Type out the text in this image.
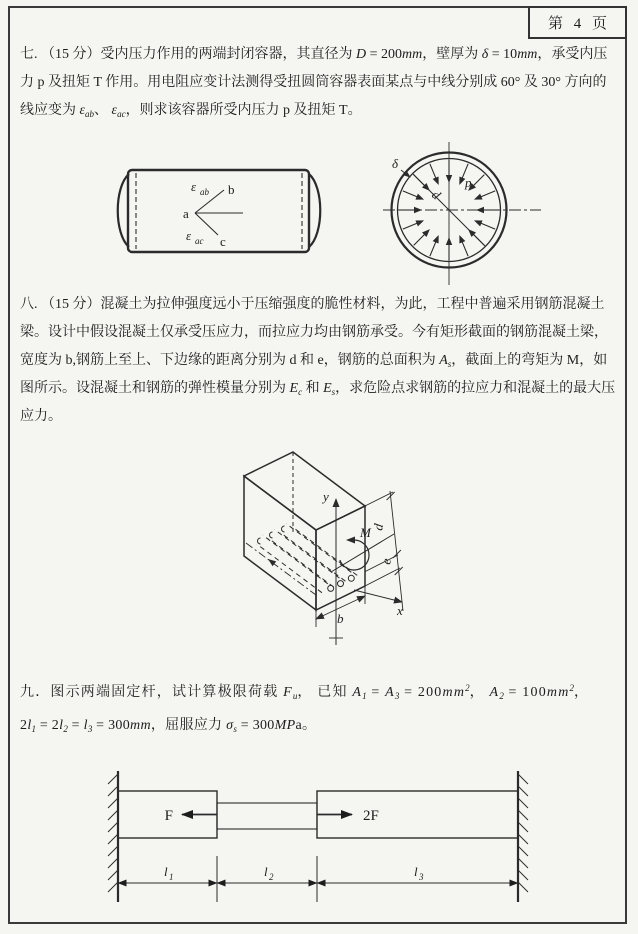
第 4 页
七. （15 分）受内压力作用的两端封闭容器，其直径为 D = 200mm，壁厚为 δ = 10mm，承受内压
力 p 及扭矩 T 作用。用电阻应变计法测得受扭圆筒容器表面某点与中线分别成 60° 及 30° 方向的
线应变为 $\varepsilon_{ab}$、 $\varepsilon_{ac}$，则求该容器所受内压力 p 及扭矩 T。
a
b
c
ε ab
ε ac
d
p
δ
八. （15 分）混凝土为拉伸强度远小于压缩强度的脆性材料，为此，工程中普遍采用钢筋混凝土
梁。设计中假设混凝土仅承受压应力，而拉应力均由钢筋承受。今有矩形截面的钢筋混凝土梁，
宽度为 b,钢筋上至上、下边缘的距离分别为 d 和 e，钢筋的总面积为 $A_s$，截面上的弯矩为 M，如
图所示。设混凝土和钢筋的弹性模量分别为 $E_c$ 和 $E_s$，求危险点求钢筋的拉应力和混凝土的最大压
应力。
y
M d
e
x
b
九．图示两端固定杆，试计算极限荷载 $F_u$， 已知 $A_1 = A_3 = 200mm^2$， $A_2 = 100mm^2$，
$2l_1 = 2l_2 = l_3 = 300mm$，屈服应力 $\sigma_s = 300MPa$。
F	2F
l 1	l 2	l 3
